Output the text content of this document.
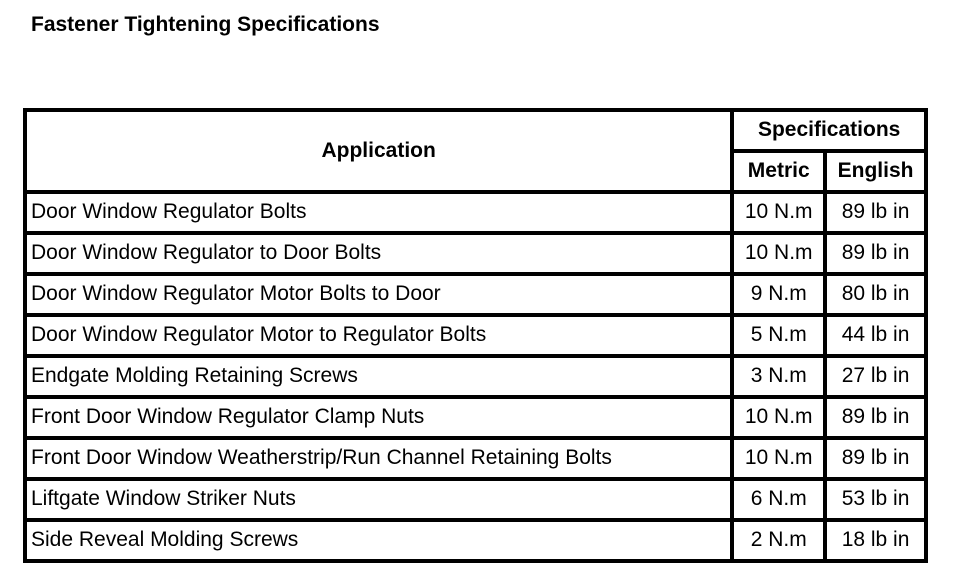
Fastener Tightening Specifications
Application	Specifications	
	Metric	English
Door Window Regulator Bolts	10 N.m	89 lb in
Door Window Regulator to Door Bolts	10 N.m	89 lb in
Door Window Regulator Motor Bolts to Door	9 N.m	80 lb in
Door Window Regulator Motor to Regulator Bolts	5 N.m	44 lb in
Endgate Molding Retaining Screws	3 N.m	27 lb in
Front Door Window Regulator Clamp Nuts	10 N.m	89 lb in
Front Door Window Weatherstrip/Run Channel Retaining Bolts	10 N.m	89 lb in
Liftgate Window Striker Nuts	6 N.m	53 lb in
Side Reveal Molding Screws	2 N.m	18 lb in
